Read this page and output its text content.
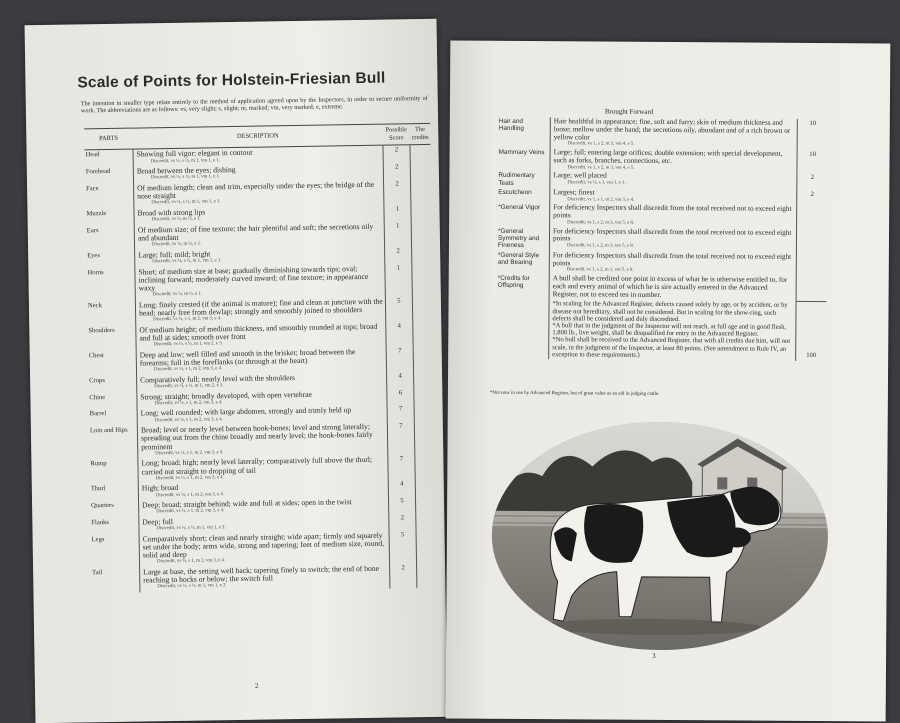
Scale of Points for Holstein-Friesian Bull
The intention in smaller type relate entirely to the method of application agreed upon by the Inspectors, in order to secure uniformity of work. The abbreviations are as follows: vs, very slight; s, slight; m, marked; vm, very marked; e, extreme.
PARTS	DESCRIPTION	Possible Score	The credits
Head	Showing full vigor; elegant in contour
Discredit, vs ½, s ½, m 1, vm 1, e 1.	2	
Forehead	Broad between the eyes; dishing
Discredit, vs ½, s ½, m 1, vm 1, e 1.	2	
Face	Of medium length; clean and trim, especially under the eyes; the bridge of the nose straight
Discredit, vs ½, s ½, m 1, vm 1, e 1.	2	
Muzzle	Broad with strong lips
Discredit, vs ½, m ½, e 1.	1	
Ears	Of medium size; of fine texture; the hair plentiful and soft; the secretions oily and abundant
Discredit, vs ½, m ½, e 1.	1	
Eyes	Large; full; mild; bright
Discredit, vs ½, s ½, m 1, vm 1, e 1.	2	
Horns	Short; of medium size at base; gradually diminishing towards tips; oval; inclining forward; moderately curved inward; of fine texture; in appearance waxy
Discredit, vs ½, m ½, e 1.	1	
Neck	Long; finely crested (if the animal is mature); fine and clean at juncture with the head; nearly free from dewlap; strongly and smoothly joined to shoulders
Discredit, vs ½, s 1, m 2, vm 3, e 4.	5	
Shoulders	Of medium height; of medium thickness, and smoothly rounded at tops; broad and full at sides; smooth over front
Discredit, vs ½, s ½, m 1, vm 2, e 3.	4	
Chest	Deep and low; well filled and smooth in the brisket; broad between the forearms; full in the foreflanks (or through at the heart)
Discredit, vs ½, s 1, m 2, vm 3, e 4.	7	
Crops	Comparatively full; nearly level with the shoulders
Discredit, vs ½, s ½, m 1, vm 2, e 3.	4	
Chine	Strong; straight; broadly developed, with open vertebrae
Discredit, vs ½, s 1, m 2, vm 3, e 4.	6	
Barrel	Long; well rounded; with large abdomen, strongly and trimly held up
Discredit, vs ½, s 1, m 2, vm 3, e 4.	7	
Loin and Hips	Broad; level or nearly level between hook-bones; level and strong laterally; spreading out from the chine broadly and nearly level; the hook-bones fairly prominent
Discredit, vs ½, s 1, m 2, vm 3, e 4.	7	
Rump	Long; broad; high; nearly level laterally; comparatively full above the thurl; carried out straight to dropping of tail
Discredit, vs ½, s 1, m 2, vm 3, e 4.	7	
Thurl	High; broad
Discredit, vs ½, s 1, m 2, vm 3, e 4.	4	
Quarters	Deep; broad; straight behind; wide and full at sides; open in the twist
Discredit, vs ½, s 1, m 2, vm 3, e 4.	5	
Flanks	Deep; full
Discredit, vs ½, s ½, m 1, vm 1, e 2.	2	
Legs	Comparatively short; clean and nearly straight; wide apart; firmly and squarely set under the body; arms wide, strong and tapering; feet of medium size, round, solid and deep
Discredit, vs ½, s 1, m 2, vm 3, e 4.	5	
Tail	Large at base, the setting well back; tapering finely to switch; the end of bone reaching to hocks or below; the switch full
Discredit, vs ½, s ½, m 1, vm 1, e 2.	2	
2
Brought Forward
Hair and Handling	Hair healthful in appearance; fine, soft and furry; skin of medium thickness and loose; mellow under the hand; the secretions oily, abundant and of a rich brown or yellow color
Discredit, vs 1, s 2, m 3, vm 4, e 5.	10
Mammary Veins	Large; full; entering large orifices; double extension; with special development, such as forks, branches, connections, etc.
Discredit, vs 1, s 2, m 3, vm 4, e 5.	10
Rudimentary Teats	Large; well placed
Discredit, vs ½, s 1, vm 1, e 1.	2
Escutcheon	Largest; finest
Discredit, vs 1, s 1, m 2, vm 3, e 4.	2
*General Vigor	For deficiency Inspectors shall discredit from the total received not to exceed eight points
Discredit, vs 1, s 2, m 3, vm 5, e 8.	

*General Symmetry and Fineness	For deficiency Inspectors shall discredit from the total received not to exceed eight points
Discredit, vs 1, s 2, m 3, vm 5, e 8.	

*General Style and Bearing	For deficiency Inspectors shall discredit from the total received not to exceed eight points
Discredit, vs 1, s 2, m 3, vm 5, e 8.	

*Credits for Offspring	A bull shall be credited one point in excess of what he is otherwise entitled to, for each and every animal of which he is sire actually entered in the Advanced Register, not to exceed ten in number.

	*In scaling for the Advanced Register, defects caused solely by age, or by accident, or by disease not hereditary, shall not be considered. But in scaling for the show-ring, such defects shall be considered and duly discredited.
*A bull that in the judgment of the Inspector will not reach, at full age and in good flesh, 1,800 lb., live weight, shall be disqualified for entry in the Advanced Register.
*No bull shall be received to the Advanced Register, that with all credits due him, will not scale, in the judgment of the Inspector, at least 80 points. (See amendment to Rule IV, an exception to these requirements.)	100
*Not now in use by Advanced Register, but of great value as an aid in judging cattle.
3
